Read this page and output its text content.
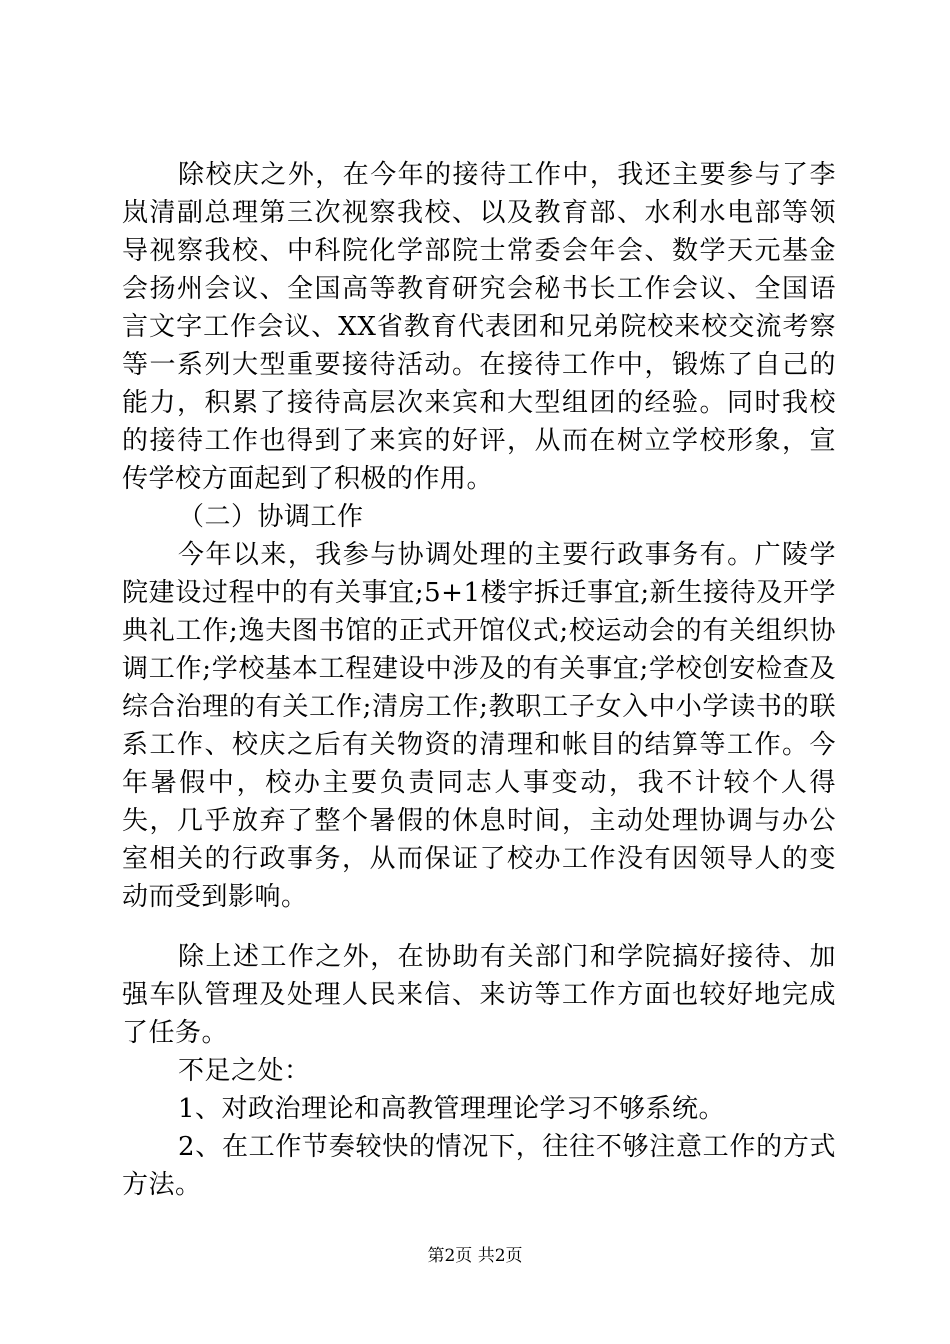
除校庆之外，在今年的接待工作中，我还主要参与了李岚清副总理第三次视察我校、以及教育部、水利水电部等领导视察我校、中科院化学部院士常委会年会、数学天元基金会扬州会议、全国高等教育研究会秘书长工作会议、全国语言文字工作会议、XX省教育代表团和兄弟院校来校交流考察等一系列大型重要接待活动。在接待工作中，锻炼了自己的能力，积累了接待高层次来宾和大型组团的经验。同时我校的接待工作也得到了来宾的好评，从而在树立学校形象，宣传学校方面起到了积极的作用。

（二）协调工作

今年以来，我参与协调处理的主要行政事务有。广陵学院建设过程中的有关事宜;5+1楼宇拆迁事宜;新生接待及开学典礼工作;逸夫图书馆的正式开馆仪式;校运动会的有关组织协调工作;学校基本工程建设中涉及的有关事宜;学校创安检查及综合治理的有关工作;清房工作;教职工子女入中小学读书的联系工作、校庆之后有关物资的清理和帐目的结算等工作。今年暑假中，校办主要负责同志人事变动，我不计较个人得失，几乎放弃了整个暑假的休息时间，主动处理协调与办公室相关的行政事务，从而保证了校办工作没有因领导人的变动而受到影响。

除上述工作之外，在协助有关部门和学院搞好接待、加强车队管理及处理人民来信、来访等工作方面也较好地完成了任务。

不足之处：

1、对政治理论和高教管理理论学习不够系统。

2、在工作节奏较快的情况下，往往不够注意工作的方式方法。

第2页 共2页
